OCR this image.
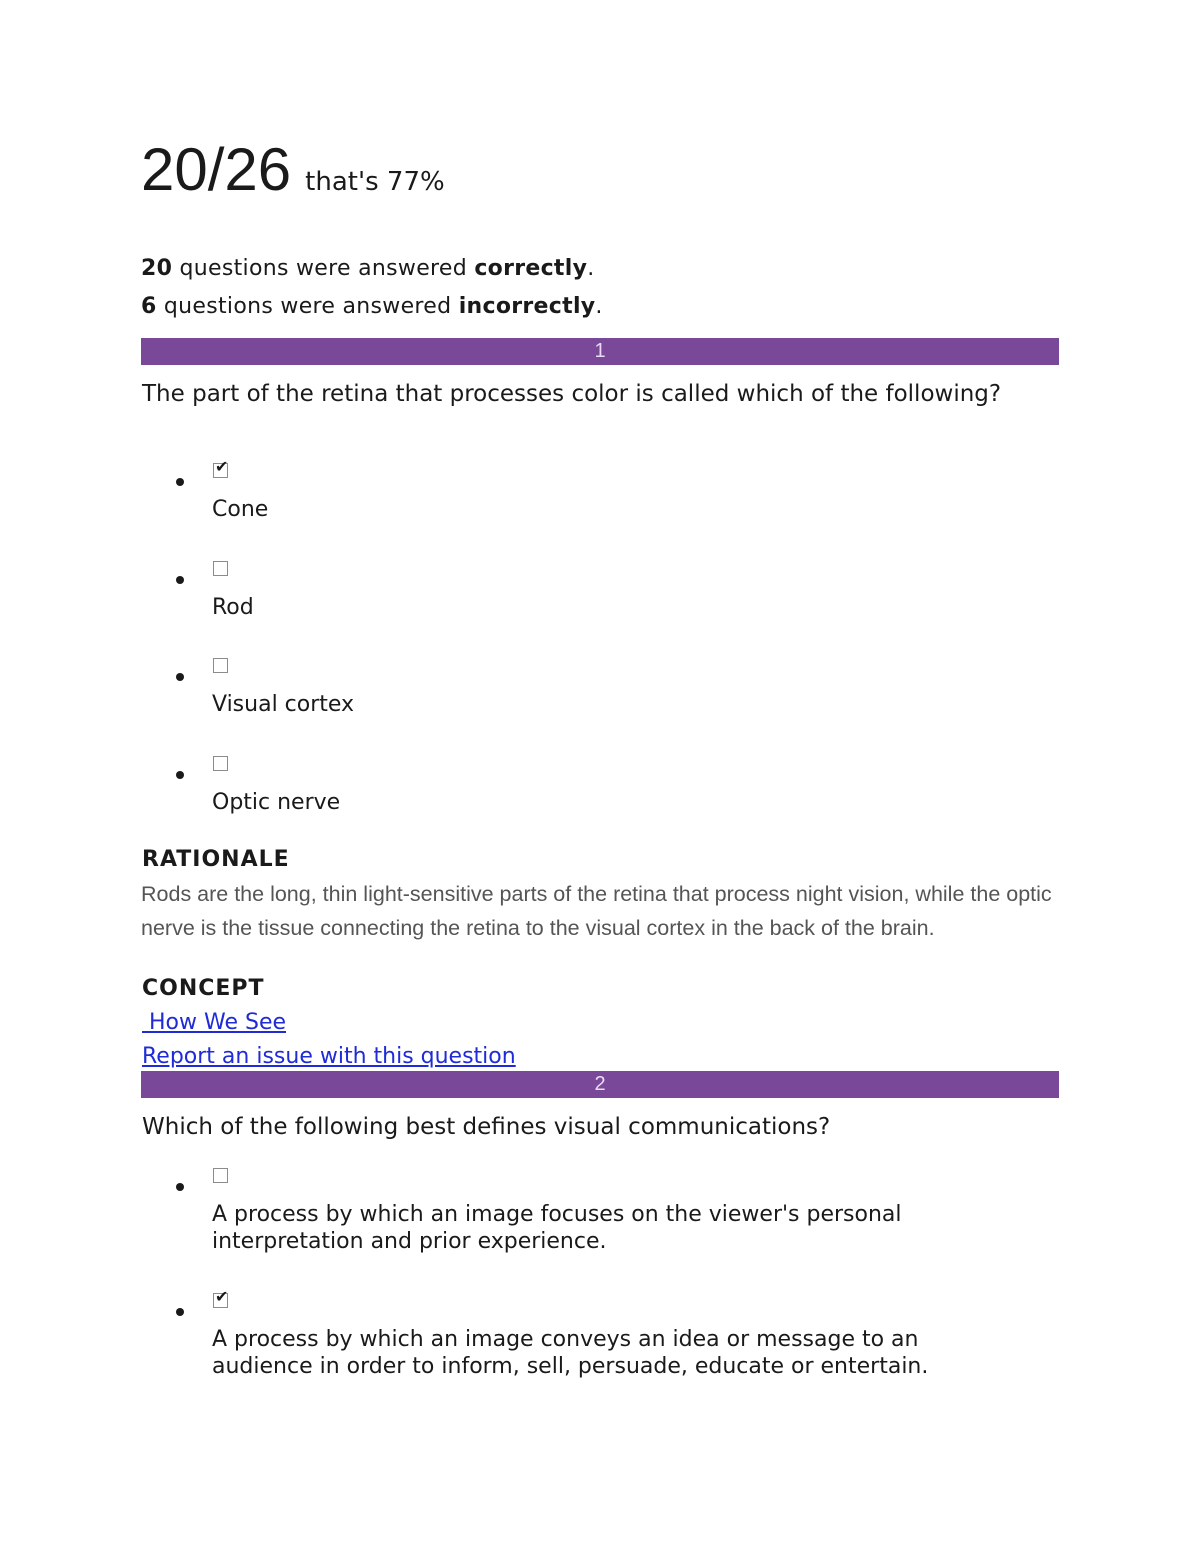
20/26 that's 77%
20 questions were answered correctly.
6 questions were answered incorrectly.
1
The part of the retina that processes color is called which of the following?
✔
Cone
Rod
Visual cortex
Optic nerve
RATIONALE
Rods are the long, thin light-sensitive parts of the retina that process night vision, while the optic nerve is the tissue connecting the retina to the visual cortex in the back of the brain.
CONCEPT
How We See
Report an issue with this question
2
Which of the following best defines visual communications?
A process by which an image focuses on the viewer's personal interpretation and prior experience.
✔
A process by which an image conveys an idea or message to an audience in order to inform, sell, persuade, educate or entertain.
